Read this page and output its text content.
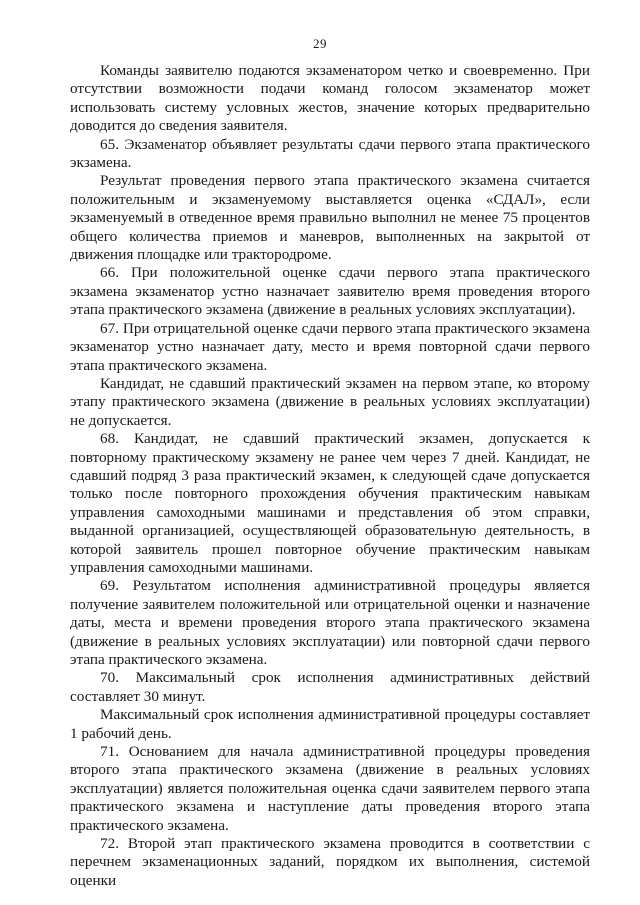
29

Команды заявителю подаются экзаменатором четко и своевременно. При отсутствии возможности подачи команд голосом экзаменатор может использовать систему условных жестов, значение которых предварительно доводится до сведения заявителя.

65. Экзаменатор объявляет результаты сдачи первого этапа практического экзамена.

Результат проведения первого этапа практического экзамена считается положительным и экзаменуемому выставляется оценка «СДАЛ», если экзаменуемый в отведенное время правильно выполнил не менее 75 процентов общего количества приемов и маневров, выполненных на закрытой от движения площадке или трактородроме.

66. При положительной оценке сдачи первого этапа практического экзамена экзаменатор устно назначает заявителю время проведения второго этапа практического экзамена (движение в реальных условиях эксплуатации).

67. При отрицательной оценке сдачи первого этапа практического экзамена экзаменатор устно назначает дату, место и время повторной сдачи первого этапа практического экзамена.

Кандидат, не сдавший практический экзамен на первом этапе, ко второму этапу практического экзамена (движение в реальных условиях эксплуатации) не допускается.

68. Кандидат, не сдавший практический экзамен, допускается к повторному практическому экзамену не ранее чем через 7 дней. Кандидат, не сдавший подряд 3 раза практический экзамен, к следующей сдаче допускается только после повторного прохождения обучения практическим навыкам управления самоходными машинами и представления об этом справки, выданной организацией, осуществляющей образовательную деятельность, в которой заявитель прошел повторное обучение практическим навыкам управления самоходными машинами.

69. Результатом исполнения административной процедуры является получение заявителем положительной или отрицательной оценки и назначение даты, места и времени проведения второго этапа практического экзамена (движение в реальных условиях эксплуатации) или повторной сдачи первого этапа практического экзамена.

70. Максимальный срок исполнения административных действий составляет 30 минут.

Максимальный срок исполнения административной процедуры составляет 1 рабочий день.

71. Основанием для начала административной процедуры проведения второго этапа практического экзамена (движение в реальных условиях эксплуатации) является положительная оценка сдачи заявителем первого этапа практического экзамена и наступление даты проведения второго этапа практического экзамена.

72. Второй этап практического экзамена проводится в соответствии с перечнем экзаменационных заданий, порядком их выполнения, системой оценки
